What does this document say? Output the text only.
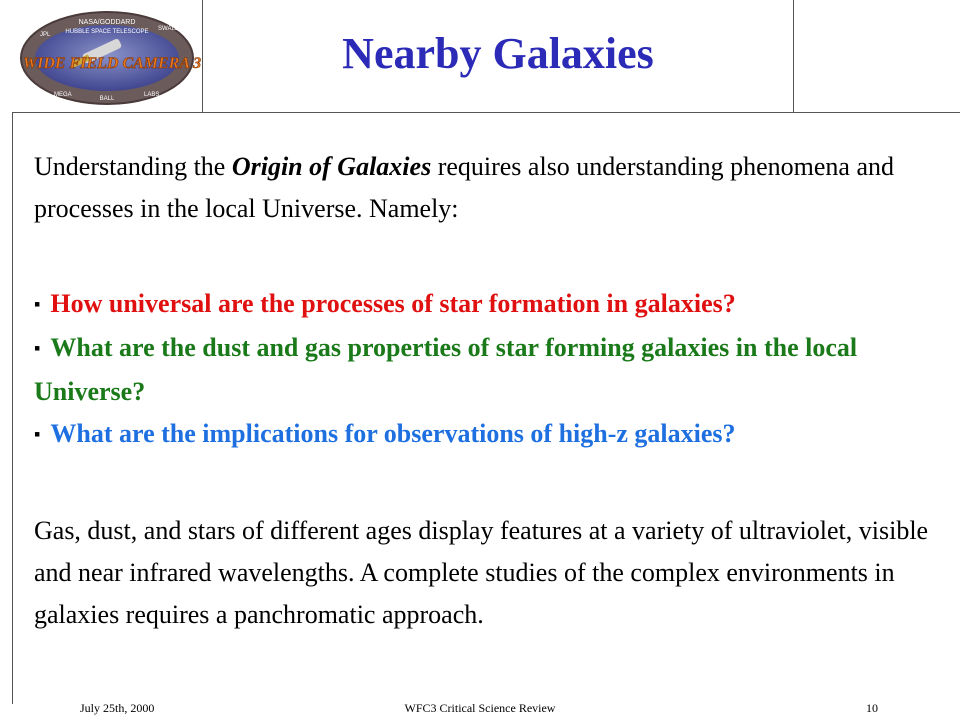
NASA/GODDARD
HUBBLE SPACE TELESCOPE
JPL
SWALES
MEGA
BALL
LABS
WIDE FIELD CAMERA 3	Nearby Galaxies
Understanding the Origin of Galaxies requires also understanding phenomena and processes in the local Universe. Namely:
▪ How universal are the processes of star formation in galaxies?
▪ What are the dust and gas properties of star forming galaxies in the local Universe?
▪ What are the implications for observations of high-z galaxies?
Gas, dust, and stars of different ages display features at a variety of ultraviolet, visible and near infrared wavelengths. A complete studies of the complex environments in galaxies requires a panchromatic approach.
July 25th, 2000	WFC3 Critical Science Review	10
